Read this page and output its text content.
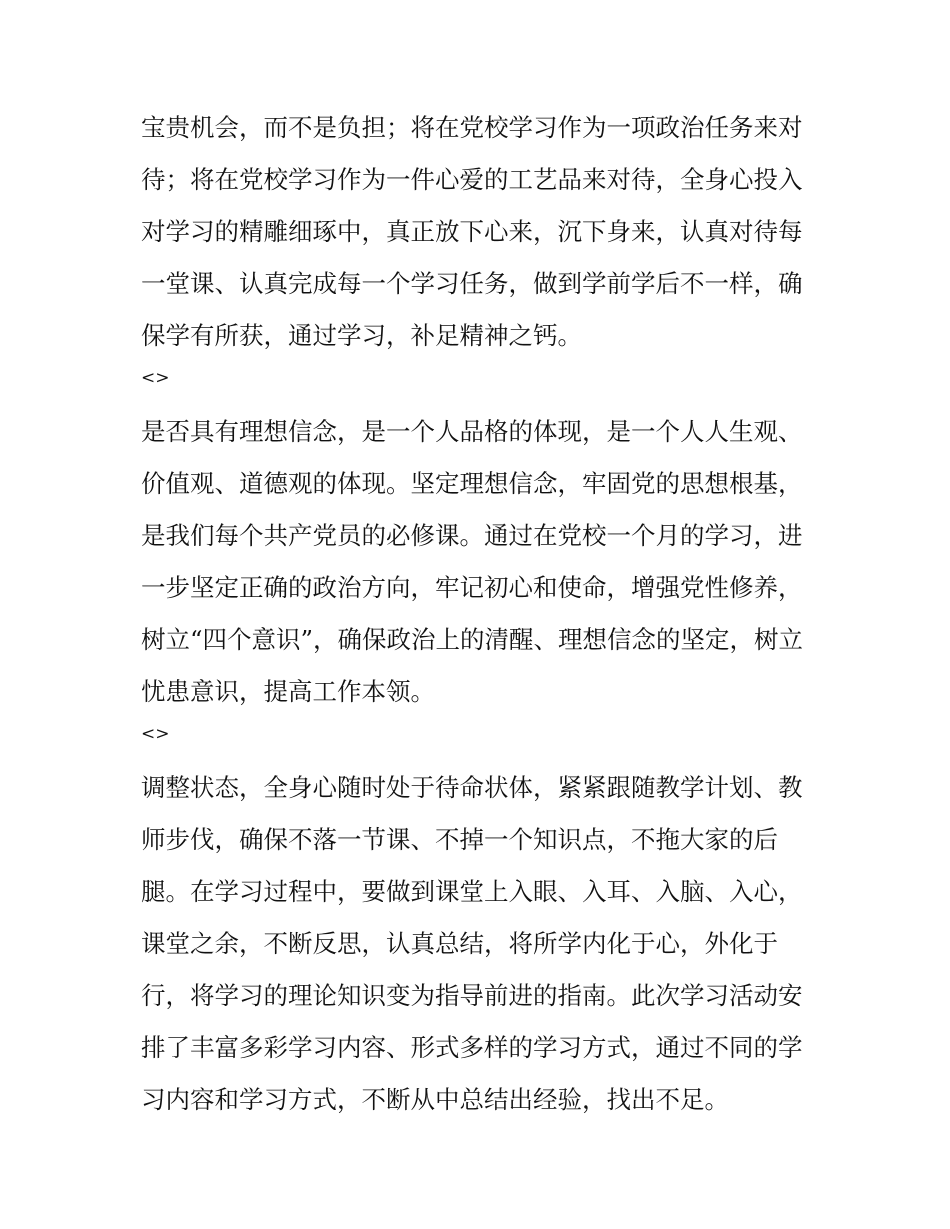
宝贵机会，而不是负担；将在党校学习作为一项政治任务来对
待；将在党校学习作为一件心爱的工艺品来对待，全身心投入
对学习的精雕细琢中，真正放下心来，沉下身来，认真对待每
一堂课、认真完成每一个学习任务，做到学前学后不一样，确
保学有所获，通过学习，补足精神之钙。
<>
是否具有理想信念，是一个人品格的体现，是一个人人生观、
价值观、道德观的体现。坚定理想信念，牢固党的思想根基，
是我们每个共产党员的必修课。通过在党校一个月的学习，进
一步坚定正确的政治方向，牢记初心和使命，增强党性修养，
树立“四个意识”，确保政治上的清醒、理想信念的坚定，树立
忧患意识，提高工作本领。
<>
调整状态，全身心随时处于待命状体，紧紧跟随教学计划、教
师步伐，确保不落一节课、不掉一个知识点，不拖大家的后
腿。在学习过程中，要做到课堂上入眼、入耳、入脑、入心，
课堂之余，不断反思，认真总结，将所学内化于心，外化于
行，将学习的理论知识变为指导前进的指南。此次学习活动安
排了丰富多彩学习内容、形式多样的学习方式，通过不同的学
习内容和学习方式，不断从中总结出经验，找出不足。
